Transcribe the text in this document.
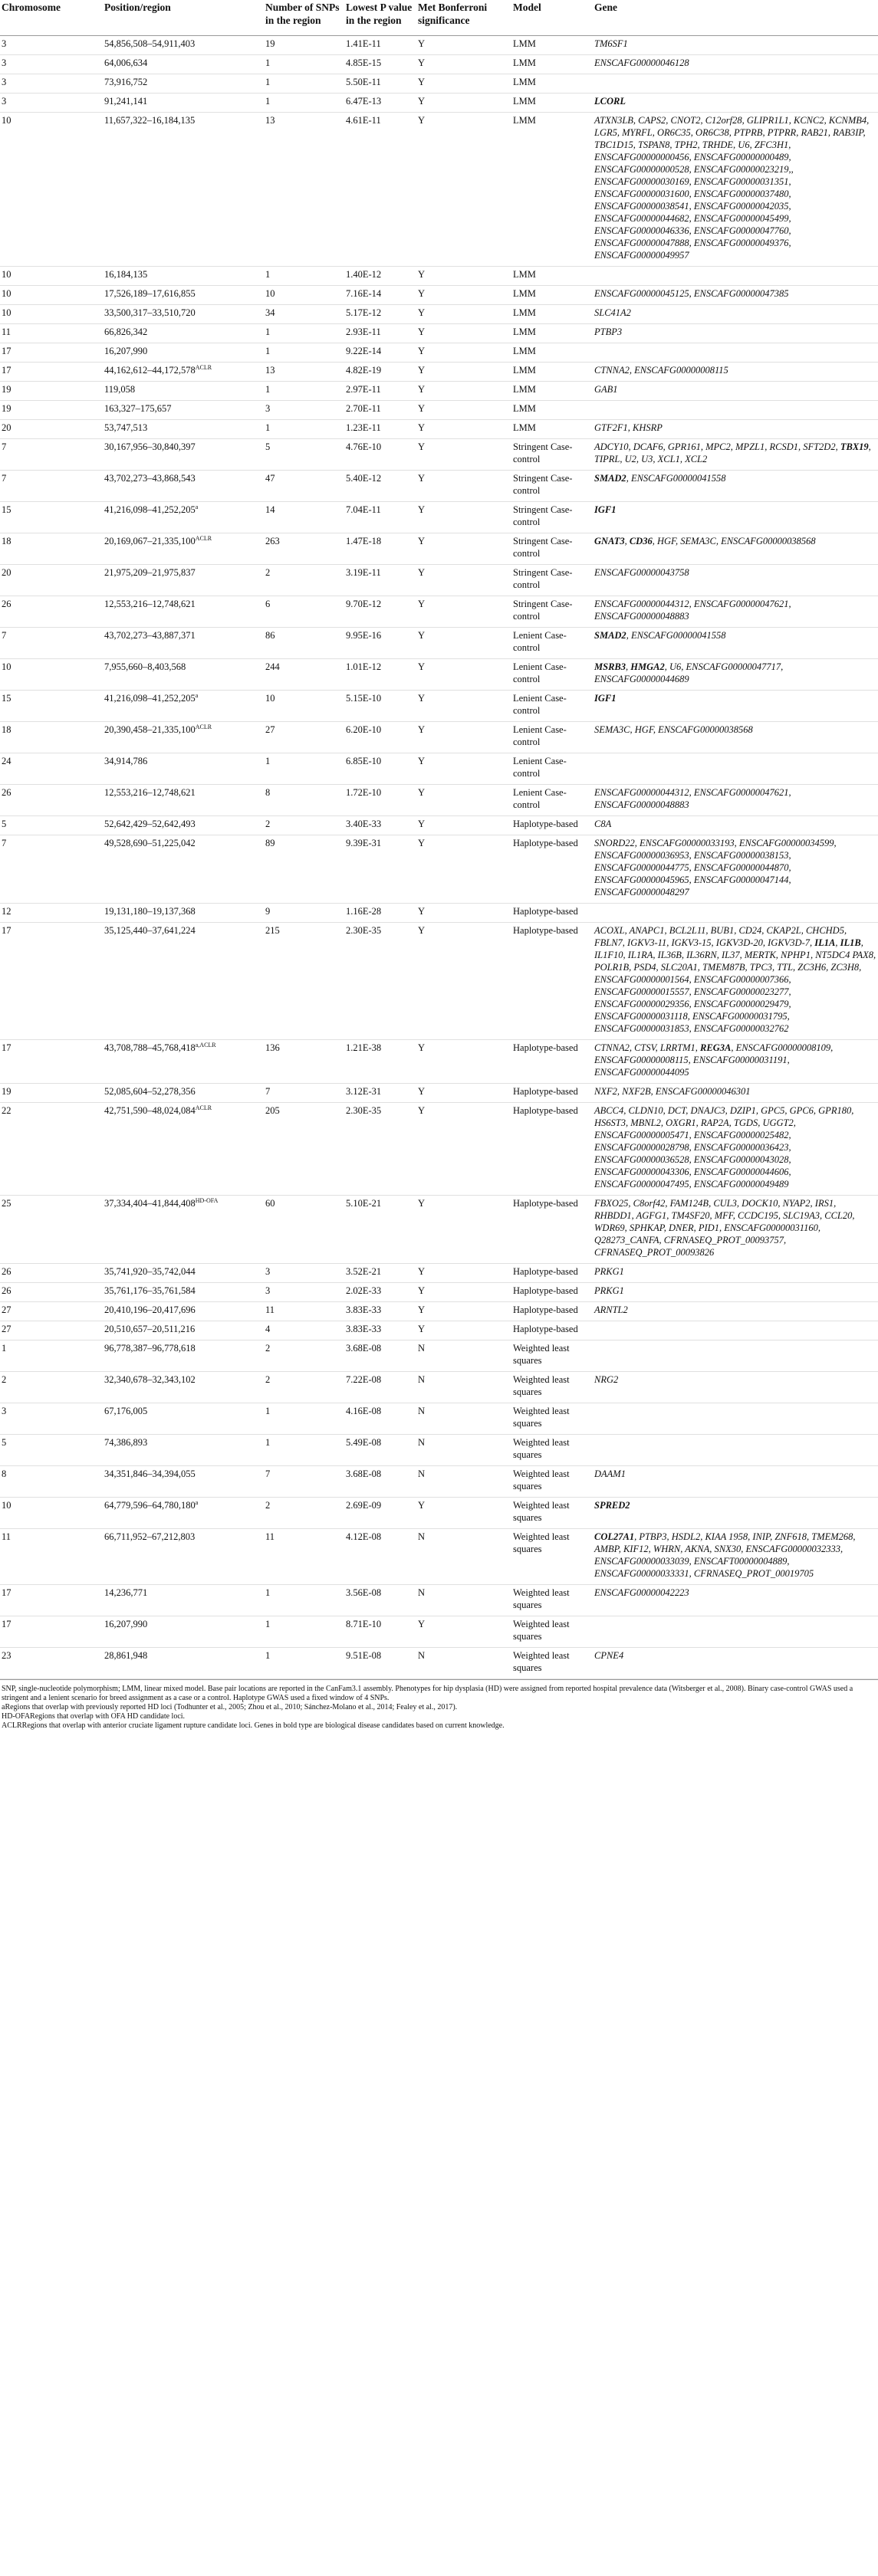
Chromosome	Position/region	Number of SNPs in the region	Lowest P value in the region	Met Bonferroni significance	Model	Gene
3	54,856,508–54,911,403	19	1.41E-11	Y	LMM	TM6SF1
3	64,006,634	1	4.85E-15	Y	LMM	ENSCAFG00000046128
3	73,916,752	1	5.50E-11	Y	LMM	
3	91,241,141	1	6.47E-13	Y	LMM	LCORL
10	11,657,322–16,184,135	13	4.61E-11	Y	LMM	ATXN3LB, CAPS2, CNOT2, C12orf28, GLIPR1L1, KCNC2, KCNMB4, LGR5, MYRFL, OR6C35, OR6C38, PTPRB, PTPRR, RAB21, RAB3IP, TBC1D15, TSPAN8, TPH2, TRHDE, U6, ZFC3H1, ENSCAFG00000000456, ENSCAFG00000000489, ENSCAFG00000000528, ENSCAFG00000023219,, ENSCAFG00000030169, ENSCAFG00000031351, ENSCAFG00000031600, ENSCAFG00000037480, ENSCAFG00000038541, ENSCAFG00000042035, ENSCAFG00000044682, ENSCAFG00000045499, ENSCAFG00000046336, ENSCAFG00000047760, ENSCAFG00000047888, ENSCAFG00000049376, ENSCAFG00000049957
10	16,184,135	1	1.40E-12	Y	LMM	
10	17,526,189–17,616,855	10	7.16E-14	Y	LMM	ENSCAFG00000045125, ENSCAFG00000047385
10	33,500,317–33,510,720	34	5.17E-12	Y	LMM	SLC41A2
11	66,826,342	1	2.93E-11	Y	LMM	PTBP3
17	16,207,990	1	9.22E-14	Y	LMM	
17	$44,162,612-44,172,578^{ACLR}$	13	4.82E-19	Y	LMM	CTNNA2, ENSCAFG00000008115
19	119,058	1	2.97E-11	Y	LMM	GAB1
19	163,327–175,657	3	2.70E-11	Y	LMM	
20	53,747,513	1	1.23E-11	Y	LMM	GTF2F1, KHSRP
7	30,167,956–30,840,397	5	4.76E-10	Y	Stringent Case-control	ADCY10, DCAF6, GPR161, MPC2, MPZL1, RCSD1, SFT2D2, TBX19, TIPRL, U2, U3, XCL1, XCL2
7	43,702,273–43,868,543	47	5.40E-12	Y	Stringent Case-control	SMAD2, ENSCAFG00000041558
15	41,216,098–41,252,205$^a$	14	7.04E-11	Y	Stringent Case-control	IGF1
18	$20,169,067-21,335,100^{ACLR}$	263	1.47E-18	Y	Stringent Case-control	GNAT3, CD36, HGF, SEMA3C, ENSCAFG00000038568
20	21,975,209–21,975,837	2	3.19E-11	Y	Stringent Case-control	ENSCAFG00000043758
26	12,553,216–12,748,621	6	9.70E-12	Y	Stringent Case-control	ENSCAFG00000044312, ENSCAFG00000047621, ENSCAFG00000048883
7	43,702,273–43,887,371	86	9.95E-16	Y	Lenient Case-control	SMAD2, ENSCAFG00000041558
10	7,955,660–8,403,568	244	1.01E-12	Y	Lenient Case-control	MSRB3, HMGA2, U6, ENSCAFG00000047717, ENSCAFG00000044689
15	41,216,098–41,252,205$^a$	10	5.15E-10	Y	Lenient Case-control	IGF1
18	$20,390,458-21,335,100^{ACLR}$	27	6.20E-10	Y	Lenient Case-control	SEMA3C, HGF, ENSCAFG00000038568
24	34,914,786	1	6.85E-10	Y	Lenient Case-control	
26	12,553,216–12,748,621	8	1.72E-10	Y	Lenient Case-control	ENSCAFG00000044312, ENSCAFG00000047621, ENSCAFG00000048883
5	52,642,429–52,642,493	2	3.40E-33	Y	Haplotype-based	C8A
7	49,528,690–51,225,042	89	9.39E-31	Y	Haplotype-based	SNORD22, ENSCAFG00000033193, ENSCAFG00000034599, ENSCAFG00000036953, ENSCAFG00000038153, ENSCAFG00000044775, ENSCAFG00000044870, ENSCAFG00000045965, ENSCAFG00000047144, ENSCAFG00000048297
12	19,131,180–19,137,368	9	1.16E-28	Y	Haplotype-based	
17	35,125,440–37,641,224	215	2.30E-35	Y	Haplotype-based	ACOXL, ANAPC1, BCL2L11, BUB1, CD24, CKAP2L, CHCHD5, FBLN7, IGKV3-11, IGKV3-15, IGKV3D-20, IGKV3D-7, IL1A, IL1B, IL1F10, IL1RA, IL36B, IL36RN, IL37, MERTK, NPHP1, NT5DC4 PAX8, POLR1B, PSD4, SLC20A1, TMEM87B, TPC3, TTL, ZC3H6, ZC3H8, ENSCAFG00000001564, ENSCAFG00000007366, ENSCAFG00000015557, ENSCAFG00000023277, ENSCAFG00000029356, ENSCAFG00000029479, ENSCAFG00000031118, ENSCAFG00000031795, ENSCAFG00000031853, ENSCAFG00000032762
17	$43,708,788-45,768,418^{a,ACLR}$	136	1.21E-38	Y	Haplotype-based	CTNNA2, CTSV, LRRTM1, REG3A, ENSCAFG00000008109, ENSCAFG00000008115, ENSCAFG00000031191, ENSCAFG00000044095
19	52,085,604–52,278,356	7	3.12E-31	Y	Haplotype-based	NXF2, NXF2B, ENSCAFG00000046301
22	$42,751,590-48,024,084^{ACLR}$	205	2.30E-35	Y	Haplotype-based	ABCC4, CLDN10, DCT, DNAJC3, DZIP1, GPC5, GPC6, GPR180, HS6ST3, MBNL2, OXGR1, RAP2A, TGDS, UGGT2, ENSCAFG00000005471, ENSCAFG00000025482, ENSCAFG00000028798, ENSCAFG00000036423, ENSCAFG00000036528, ENSCAFG00000043028, ENSCAFG00000043306, ENSCAFG00000044606, ENSCAFG00000047495, ENSCAFG00000049489
25	$37,334,404-41,844,408^{HD-OFA}$	60	5.10E-21	Y	Haplotype-based	FBXO25, C8orf42, FAM124B, CUL3, DOCK10, NYAP2, IRS1, RHBDD1, AGFG1, TM4SF20, MFF, CCDC195, SLC19A3, CCL20, WDR69, SPHKAP, DNER, PID1, ENSCAFG00000031160, Q28273_CANFA, CFRNASEQ_PROT_00093757, CFRNASEQ_PROT_00093826
26	35,741,920–35,742,044	3	3.52E-21	Y	Haplotype-based	PRKG1
26	35,761,176–35,761,584	3	2.02E-33	Y	Haplotype-based	PRKG1
27	20,410,196–20,417,696	11	3.83E-33	Y	Haplotype-based	ARNTL2
27	20,510,657–20,511,216	4	3.83E-33	Y	Haplotype-based	
1	96,778,387–96,778,618	2	3.68E-08	N	Weighted least squares	
2	32,340,678–32,343,102	2	7.22E-08	N	Weighted least squares	NRG2
3	67,176,005	1	4.16E-08	N	Weighted least squares	
5	74,386,893	1	5.49E-08	N	Weighted least squares	
8	34,351,846–34,394,055	7	3.68E-08	N	Weighted least squares	DAAM1
10	64,779,596–64,780,180$^a$	2	2.69E-09	Y	Weighted least squares	SPRED2
11	66,711,952–67,212,803	11	4.12E-08	N	Weighted least squares	COL27A1, PTBP3, HSDL2, KIAA 1958, INIP, ZNF618, TMEM268, AMBP, KIF12, WHRN, AKNA, SNX30, ENSCAFG00000032333, ENSCAFG00000033039, ENSCAFT00000004889, ENSCAFG00000033331, CFRNASEQ_PROT_00019705
17	14,236,771	1	3.56E-08	N	Weighted least squares	ENSCAFG00000042223
17	16,207,990	1	8.71E-10	Y	Weighted least squares	
23	28,861,948	1	9.51E-08	N	Weighted least squares	CPNE4

SNP, single-nucleotide polymorphism; LMM, linear mixed model. Base pair locations are reported in the CanFam3.1 assembly. Phenotypes for hip dysplasia (HD) were assigned from reported hospital prevalence data (Witsberger et al., 2008). Binary case-control GWAS used a stringent and a lenient scenario for breed assignment as a case or a control. Haplotype GWAS used a fixed window of 4 SNPs.

aRegions that overlap with previously reported HD loci (Todhunter et al., 2005; Zhou et al., 2010; Sánchez-Molano et al., 2014; Fealey et al., 2017).

HD-OFARegions that overlap with OFA HD candidate loci.

ACLRRegions that overlap with anterior cruciate ligament rupture candidate loci. Genes in bold type are biological disease candidates based on current knowledge.
